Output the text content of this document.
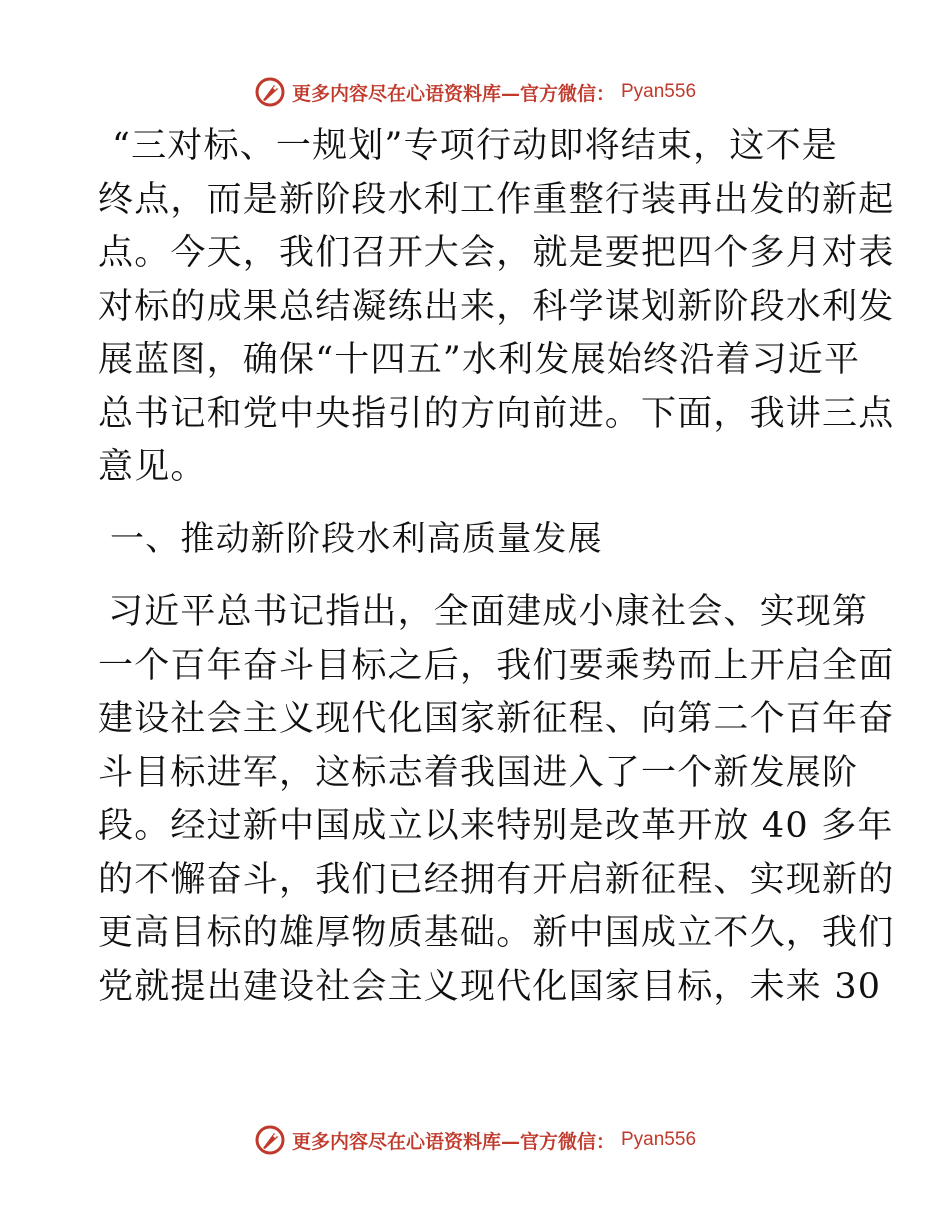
更多内容尽在心语资料库—官方微信： Pyan556

“三对标、一规划”专项行动即将结束，这不是
终点，而是新阶段水利工作重整行装再出发的新起
点。今天，我们召开大会，就是要把四个多月对表
对标的成果总结凝练出来，科学谋划新阶段水利发
展蓝图，确保“十四五”水利发展始终沿着习近平
总书记和党中央指引的方向前进。下面，我讲三点
意见。

一、推动新阶段水利高质量发展

习近平总书记指出，全面建成小康社会、实现第
一个百年奋斗目标之后，我们要乘势而上开启全面
建设社会主义现代化国家新征程、向第二个百年奋
斗目标进军，这标志着我国进入了一个新发展阶
段。经过新中国成立以来特别是改革开放 40 多年
的不懈奋斗，我们已经拥有开启新征程、实现新的
更高目标的雄厚物质基础。新中国成立不久，我们
党就提出建设社会主义现代化国家目标，未来 30

更多内容尽在心语资料库—官方微信： Pyan556
